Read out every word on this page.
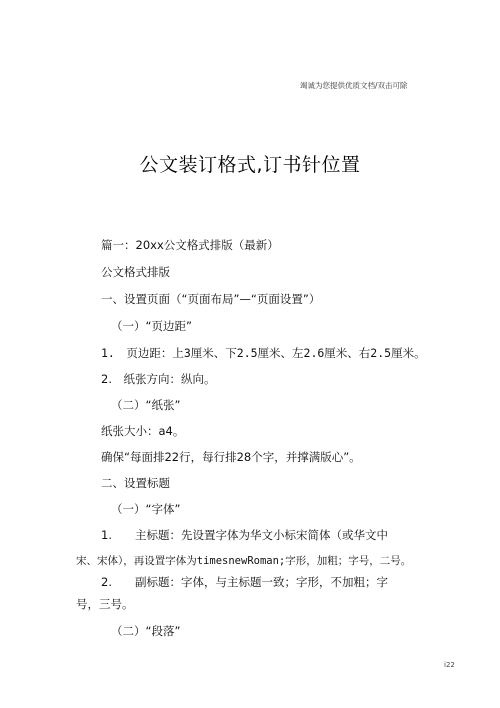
竭诚为您提供优质文档/双击可除
公文装订格式,订书针位置
篇一：20xx公文格式排版（最新）
公文格式排版
一、设置页面（“页面布局”—“页面设置”）
（一）“页边距”
1.　页边距：上3厘米、下2.5厘米、左2.6厘米、右2.5厘米。
2.　纸张方向：纵向。
（二）“纸张”
纸张大小：a4。
确保“每面排22行，每行排28个字，并撑满版心”。
二、设置标题
（一）“字体”
1.　　主标题：先设置字体为华文小标宋简体（或华文中
宋、宋体），再设置字体为timesnewRoman;字形，加粗；字号，二号。
2.　　副标题：字体，与主标题一致；字形，不加粗；字
号，三号。
（二）“段落”
i22
